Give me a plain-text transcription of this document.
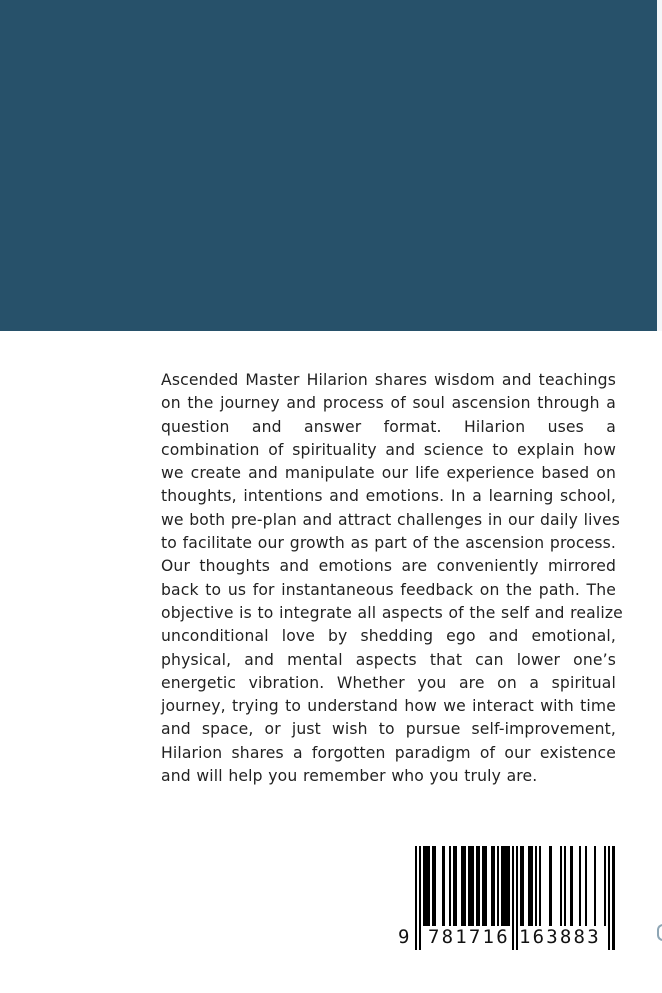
Ascended Master Hilarion shares wisdom and teachings
on the journey and process of soul ascension through a
question and answer format. Hilarion uses a
combination of spirituality and science to explain how
we create and manipulate our life experience based on
thoughts, intentions and emotions. In a learning school,
we both pre-plan and attract challenges in our daily lives
to facilitate our growth as part of the ascension process.
Our thoughts and emotions are conveniently mirrored
back to us for instantaneous feedback on the path. The
objective is to integrate all aspects of the self and realize
unconditional love by shedding ego and emotional,
physical, and mental aspects that can lower one’s
energetic vibration. Whether you are on a spiritual
journey, trying to understand how we interact with time
and space, or just wish to pursue self-improvement,
Hilarion shares a forgotten paradigm of our existence
and will help you remember who you truly are.
9 781716 163883
